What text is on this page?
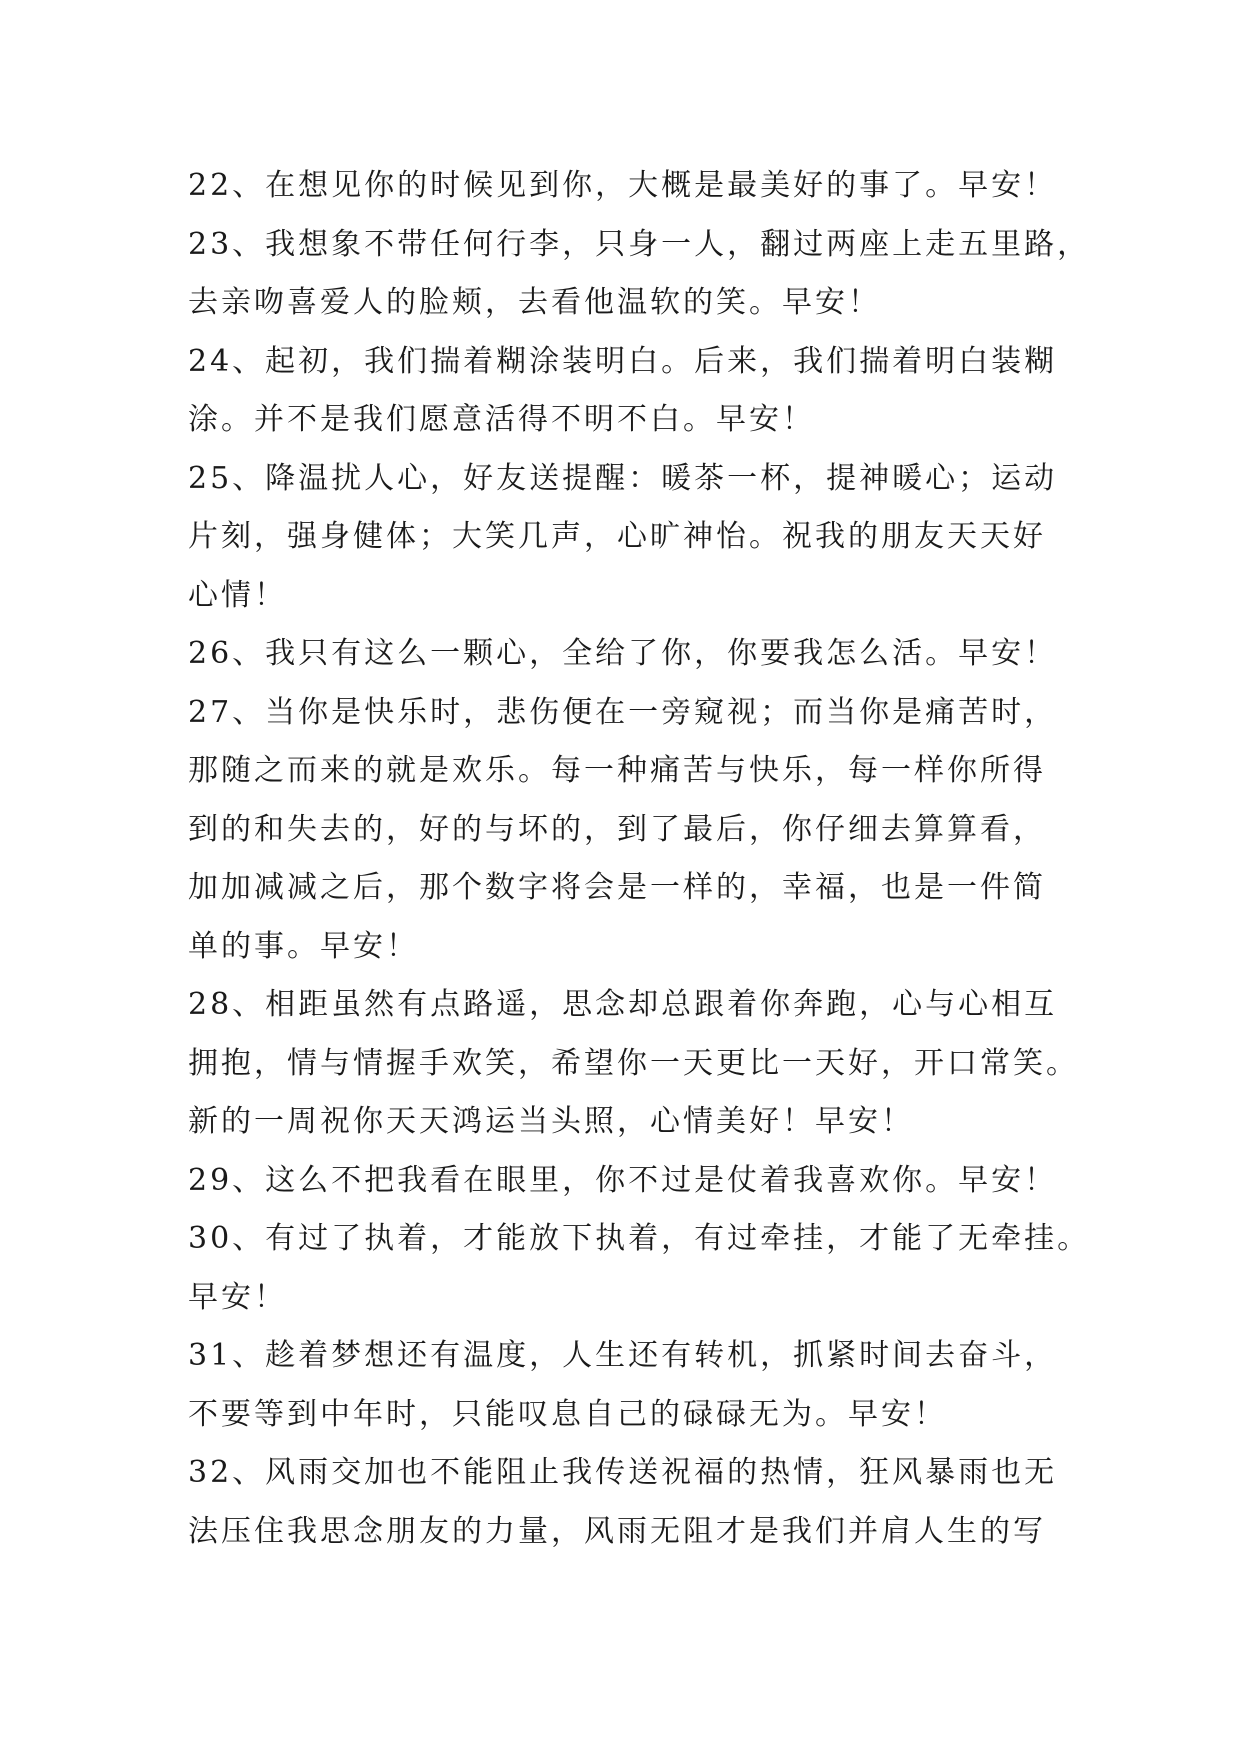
22、在想见你的时候见到你，大概是最美好的事了。早安！
23、我想象不带任何行李，只身一人，翻过两座上走五里路，
去亲吻喜爱人的脸颊，去看他温软的笑。早安！
24、起初，我们揣着糊涂装明白。后来，我们揣着明白装糊
涂。并不是我们愿意活得不明不白。早安！
25、降温扰人心，好友送提醒：暖茶一杯，提神暖心；运动
片刻，强身健体；大笑几声，心旷神怡。祝我的朋友天天好
心情！
26、我只有这么一颗心，全给了你，你要我怎么活。早安！
27、当你是快乐时，悲伤便在一旁窥视；而当你是痛苦时，
那随之而来的就是欢乐。每一种痛苦与快乐，每一样你所得
到的和失去的，好的与坏的，到了最后，你仔细去算算看，
加加减减之后，那个数字将会是一样的，幸福，也是一件简
单的事。早安！
28、相距虽然有点路遥，思念却总跟着你奔跑，心与心相互
拥抱，情与情握手欢笑，希望你一天更比一天好，开口常笑。
新的一周祝你天天鸿运当头照，心情美好！早安！
29、这么不把我看在眼里，你不过是仗着我喜欢你。早安！
30、有过了执着，才能放下执着，有过牵挂，才能了无牵挂。
早安！
31、趁着梦想还有温度，人生还有转机，抓紧时间去奋斗，
不要等到中年时，只能叹息自己的碌碌无为。早安！
32、风雨交加也不能阻止我传送祝福的热情，狂风暴雨也无
法压住我思念朋友的力量，风雨无阻才是我们并肩人生的写
